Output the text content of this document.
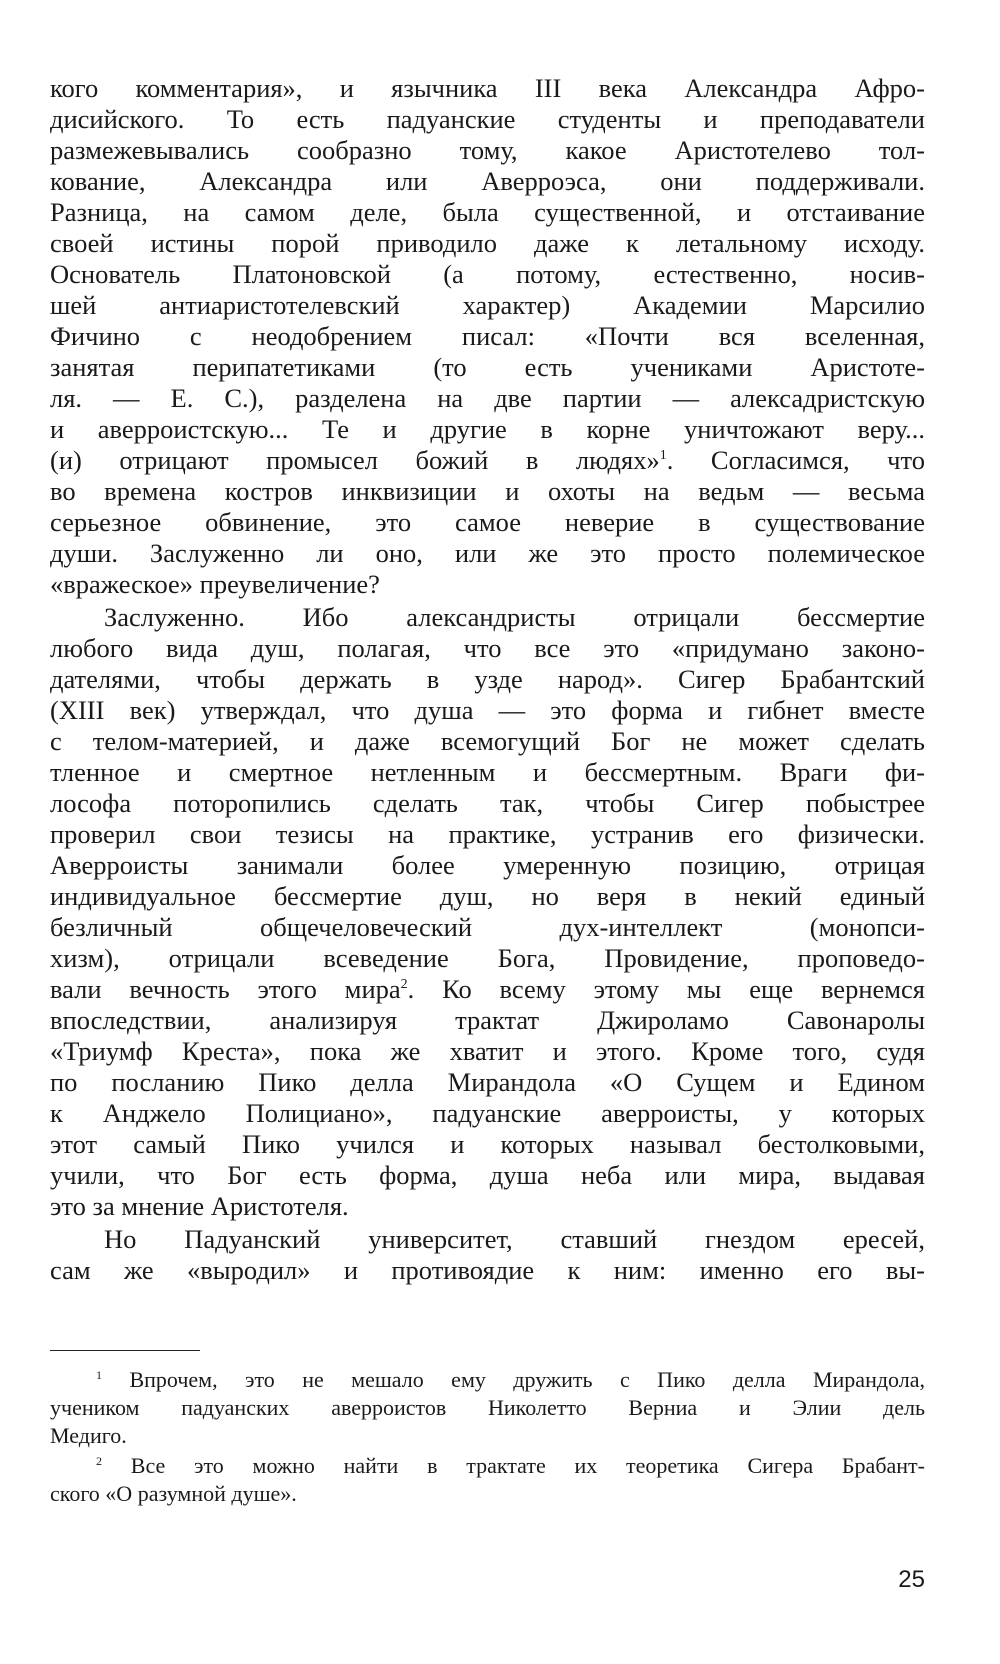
кого комментария», и язычника III века Александра Афро-
дисийского. То есть падуанские студенты и преподаватели
размежевывались сообразно тому, какое Аристотелево тол-
кование, Александра или Аверроэса, они поддерживали.
Разница, на самом деле, была существенной, и отстаивание
своей истины порой приводило даже к летальному исходу.
Основатель Платоновской (а потому, естественно, носив-
шей антиаристотелевский характер) Академии Марсилио
Фичино с неодобрением писал: «Почти вся вселенная,
занятая перипатетиками (то есть учениками Аристоте-
ля. — Е. С.), разделена на две партии — алексадристскую
и аверроистскую... Те и другие в корне уничтожают веру...
(и) отрицают промысел божий в людях»$^1$. Согласимся, что
во времена костров инквизиции и охоты на ведьм — весьма
серьезное обвинение, это самое неверие в существование
души. Заслуженно ли оно, или же это просто полемическое
«вражеское» преувеличение?
Заслуженно. Ибо александристы отрицали бессмертие
любого вида душ, полагая, что все это «придумано законо-
дателями, чтобы держать в узде народ». Сигер Брабантский
(XIII век) утверждал, что душа — это форма и гибнет вместе
с телом-материей, и даже всемогущий Бог не может сделать
тленное и смертное нетленным и бессмертным. Враги фи-
лософа поторопились сделать так, чтобы Сигер побыстрее
проверил свои тезисы на практике, устранив его физически.
Аверроисты занимали более умеренную позицию, отрицая
индивидуальное бессмертие душ, но веря в некий единый
безличный общечеловеческий дух-интеллект (монопси-
хизм), отрицали всеведение Бога, Провидение, проповедо-
вали вечность этого мира$^2$. Ко всему этому мы еще вернемся
впоследствии, анализируя трактат Джироламо Савонаролы
«Триумф Креста», пока же хватит и этого. Кроме того, судя
по посланию Пико делла Мирандола «О Сущем и Едином
к Анджело Полициано», падуанские аверроисты, у которых
этот самый Пико учился и которых называл бестолковыми,
учили, что Бог есть форма, душа неба или мира, выдавая
это за мнение Аристотеля.
Но Падуанский университет, ставший гнездом ересей,
сам же «выродил» и противоядие к ним: именно его вы-
$^1$ Впрочем, это не мешало ему дружить с Пико делла Мирандола,
учеником падуанских аверроистов Николетто Верниа и Элии дель
Медиго.
$^2$ Все это можно найти в трактате их теоретика Сигера Брабант-
ского «О разумной душе».
25
